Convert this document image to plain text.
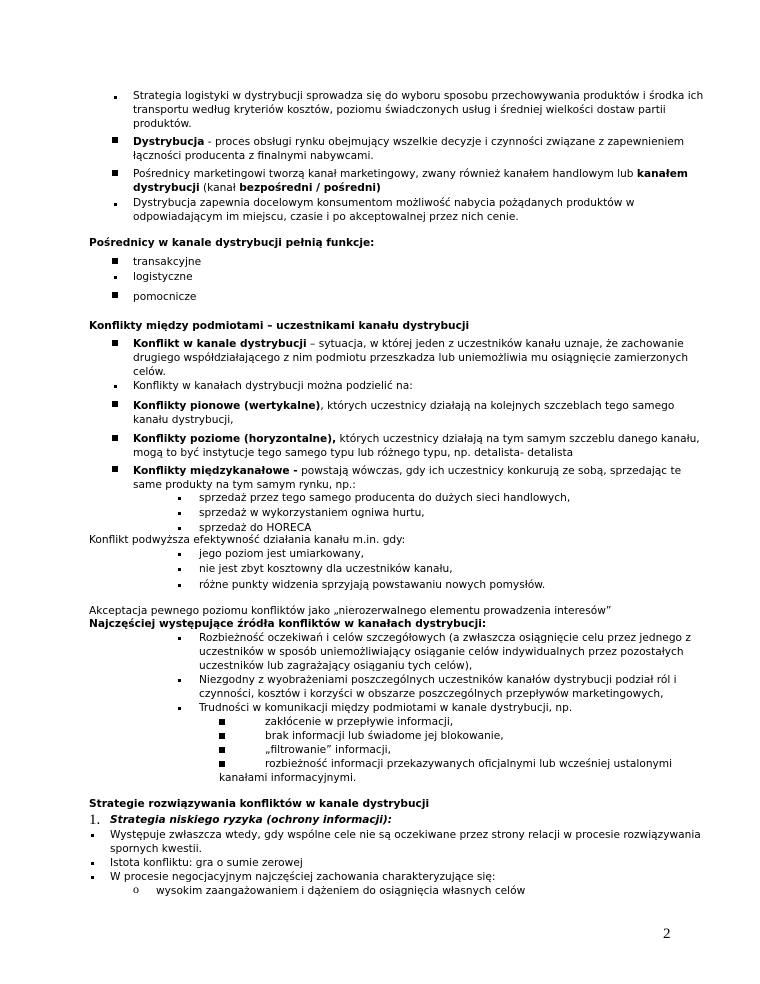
Strategia logistyki w dystrybucji sprowadza się do wyboru sposobu przechowywania produktów i środka ich
transportu według kryteriów kosztów, poziomu świadczonych usług i średniej wielkości dostaw partii
produktów.
Dystrybucja - proces obsługi rynku obejmujący wszelkie decyzje i czynności związane z zapewnieniem
łączności producenta z finalnymi nabywcami.
Pośrednicy marketingowi tworzą kanał marketingowy, zwany również kanałem handlowym lub kanałem
dystrybucji (kanał bezpośredni / pośredni)
Dystrybucja zapewnia docelowym konsumentom możliwość nabycia pożądanych produktów w
odpowiadającym im miejscu, czasie i po akceptowalnej przez nich cenie.
Pośrednicy w kanale dystrybucji pełnią funkcje:
transakcyjne
logistyczne
pomocnicze
Konflikty między podmiotami – uczestnikami kanału dystrybucji
Konflikt w kanale dystrybucji – sytuacja, w której jeden z uczestników kanału uznaje, że zachowanie
drugiego współdziałającego z nim podmiotu przeszkadza lub uniemożliwia mu osiągnięcie zamierzonych
celów.
Konflikty w kanałach dystrybucji można podzielić na:
Konflikty pionowe (wertykalne), których uczestnicy działają na kolejnych szczeblach tego samego
kanału dystrybucji,
Konflikty poziome (horyzontalne), których uczestnicy działają na tym samym szczeblu danego kanału,
mogą to być instytucje tego samego typu lub różnego typu, np. detalista- detalista
Konflikty międzykanałowe - powstają wówczas, gdy ich uczestnicy konkurują ze sobą, sprzedając te
same produkty na tym samym rynku, np.:
sprzedaż przez tego samego producenta do dużych sieci handlowych,
sprzedaż w wykorzystaniem ogniwa hurtu,
sprzedaż do HORECA
Konflikt podwyższa efektywność działania kanału m.in. gdy:
jego poziom jest umiarkowany,
nie jest zbyt kosztowny dla uczestników kanału,
różne punkty widzenia sprzyjają powstawaniu nowych pomysłów.
Akceptacja pewnego poziomu konfliktów jako „nierozerwalnego elementu prowadzenia interesów”
Najczęściej występujące źródła konfliktów w kanałach dystrybucji:
Rozbieżność oczekiwań i celów szczegółowych (a zwłaszcza osiągnięcie celu przez jednego z
uczestników w sposób uniemożliwiający osiąganie celów indywidualnych przez pozostałych
uczestników lub zagrażający osiąganiu tych celów),
Niezgodny z wyobrażeniami poszczególnych uczestników kanałów dystrybucji podział ról i
czynności, kosztów i korzyści w obszarze poszczególnych przepływów marketingowych,
Trudności w komunikacji między podmiotami w kanale dystrybucji, np.
zakłócenie w przepływie informacji,
brak informacji lub świadome jej blokowanie,
„filtrowanie” informacji,
rozbieżność informacji przekazywanych oficjalnymi lub wcześniej ustalonymi
kanałami informacyjnymi.
Strategie rozwiązywania konfliktów w kanale dystrybucji
1. Strategia niskiego ryzyka (ochrony informacji):
Występuje zwłaszcza wtedy, gdy wspólne cele nie są oczekiwane przez strony relacji w procesie rozwiązywania
spornych kwestii.
Istota konfliktu: gra o sumie zerowej
W procesie negocjacyjnym najczęściej zachowania charakteryzujące się:
o wysokim zaangażowaniem i dążeniem do osiągnięcia własnych celów
2
